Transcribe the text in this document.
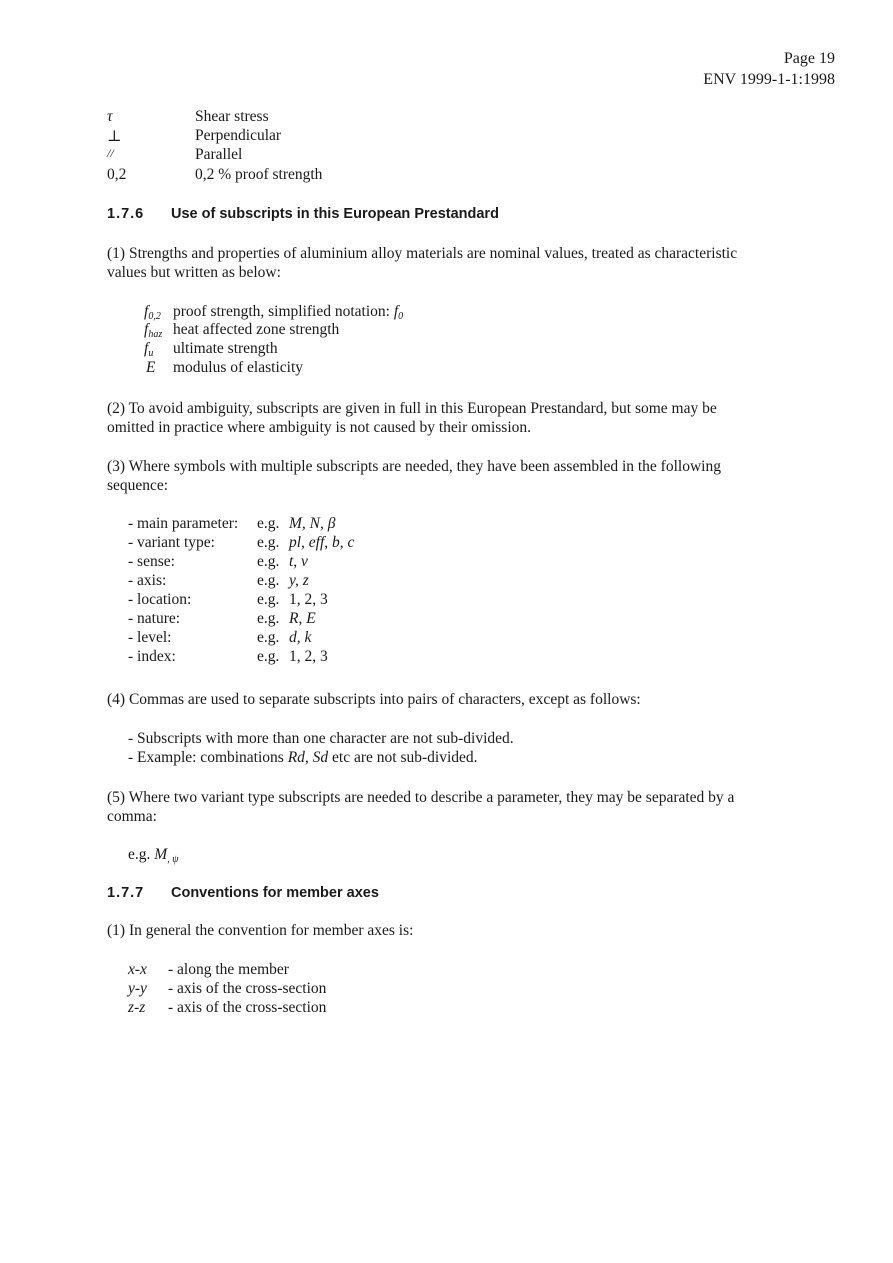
Page 19
ENV 1999-1-1:1998
τ	Shear stress
⊥	Perpendicular
//	Parallel
0,2	0,2 % proof strength
1.7.6 Use of subscripts in this European Prestandard
(1) Strengths and properties of aluminium alloy materials are nominal values, treated as characteristic
values but written as below:
$f_{0,2}$ proof strength, simplified notation: $f_0$
$f_{haz}$ heat affected zone strength
$f_u$ ultimate strength
E modulus of elasticity
(2) To avoid ambiguity, subscripts are given in full in this European Prestandard, but some may be
omitted in practice where ambiguity is not caused by their omission.
(3) Where symbols with multiple subscripts are needed, they have been assembled in the following
sequence:
- main parameter: e.g. M, N, β
- variant type:	e.g. pl, eff, b, c
- sense:	e.g. t, v
- axis:	e.g. y, z
- location:	e.g. 1, 2, 3
- nature:	e.g. R, E
- level:	e.g. d, k
- index:	e.g. 1, 2, 3
(4) Commas are used to separate subscripts into pairs of characters, except as follows:
- Subscripts with more than one character are not sub-divided.
- Example: combinations Rd, Sd etc are not sub-divided.
(5) Where two variant type subscripts are needed to describe a parameter, they may be separated by a
comma:
e.g. $M_{, \psi}$
1.7.7 Conventions for member axes
(1) In general the convention for member axes is:
x-x - along the member
y-y - axis of the cross-section
z-z - axis of the cross-section
